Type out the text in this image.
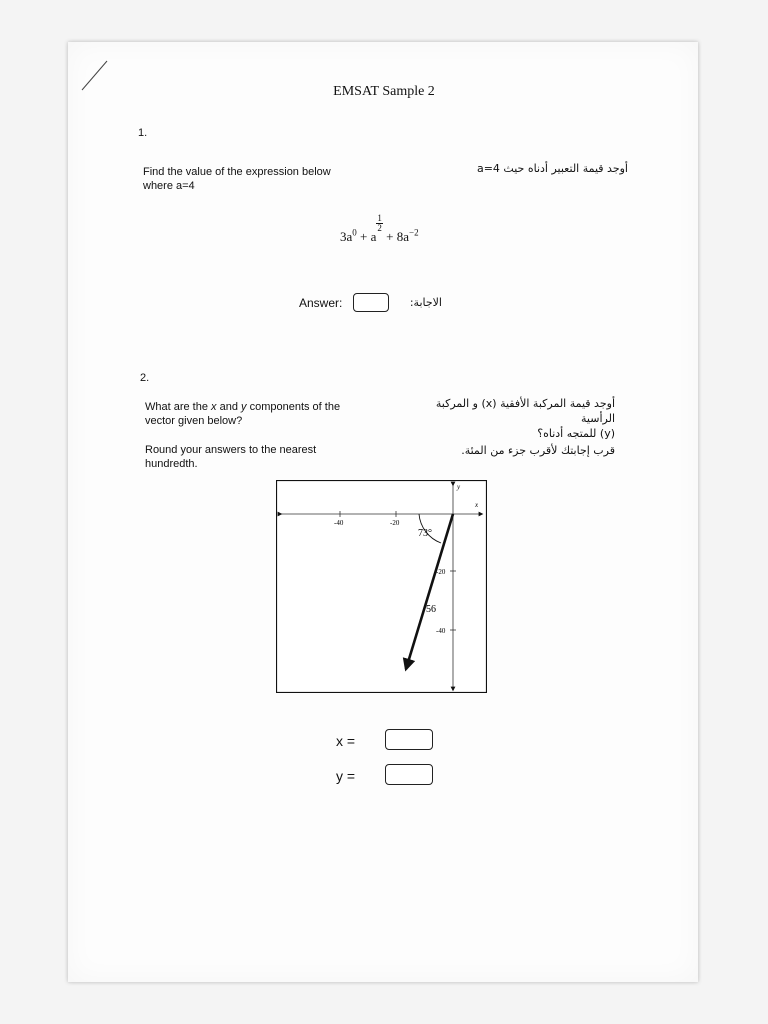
EMSAT Sample 2
1.
Find the value of the expression below
where a=4
أوجد قيمة التعبير أدناه حيث a=4
$3a^0 + a$
$\frac{1}{2}$
+ $8a^{-2}$
Answer:	الاجابة:
2.
What are the x and y components of the
vector given below?
Round your answers to the nearest
hundredth.
أوجد قيمة المركبة الأفقية (x) و المركبة الرأسية
(y) للمتجه أدناه؟
قرب إجابتك لأقرب جزء من المئة.
x
y
-40	-20
-20
-40
73°
56
x =
y =
